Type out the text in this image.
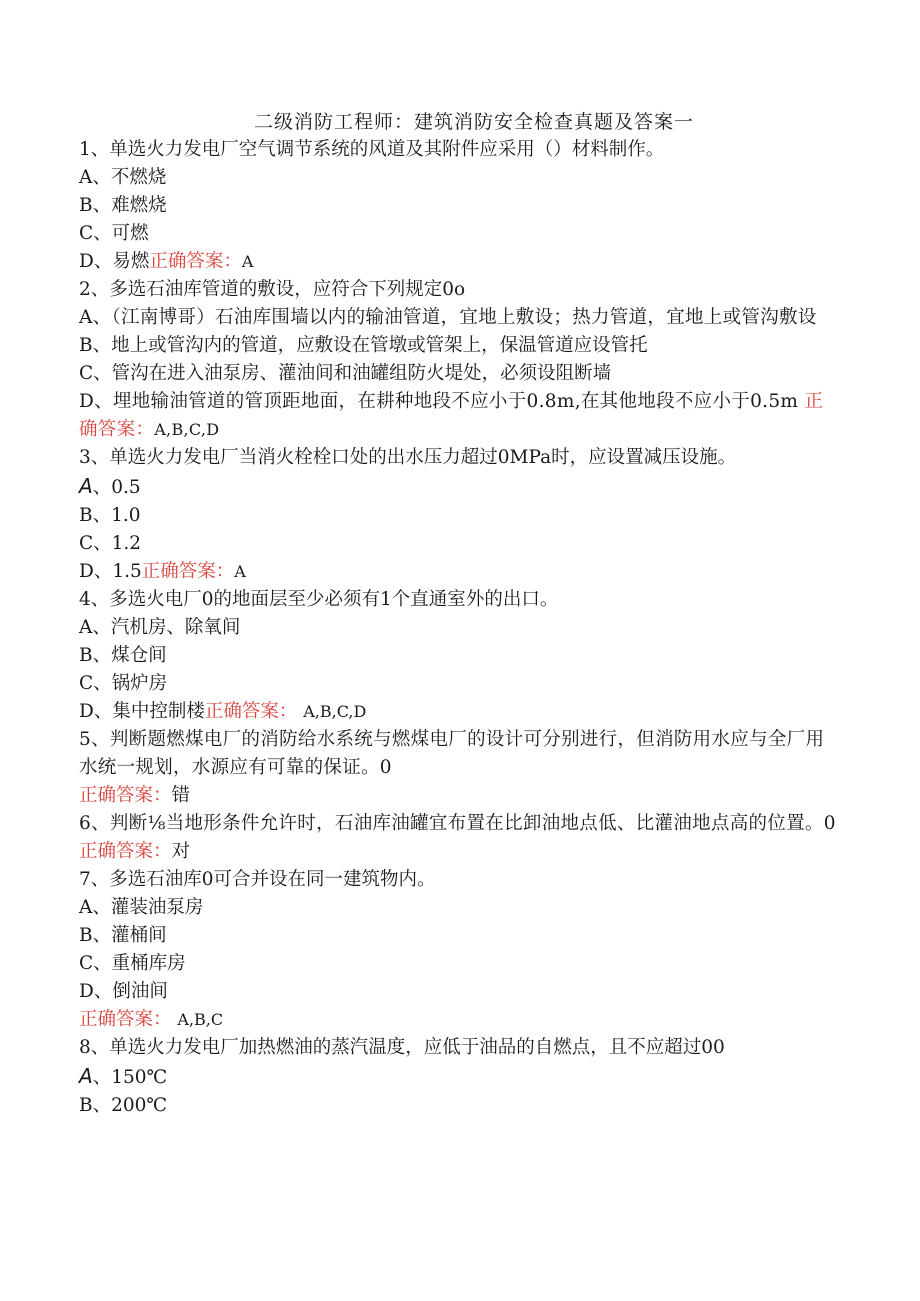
二级消防工程师：建筑消防安全检查真题及答案一
1、单选火力发电厂空气调节系统的风道及其附件应采用（）材料制作。
A、不燃烧
B、难燃烧
C、可燃
D、易燃正确答案：A
2、多选石油库管道的敷设，应符合下列规定0o
A、（江南博哥）石油库围墙以内的输油管道，宜地上敷设；热力管道，宜地上或管沟敷设
B、地上或管沟内的管道，应敷设在管墩或管架上，保温管道应设管托
C、管沟在进入油泵房、灌油间和油罐组防火堤处，必须设阻断墙
D、埋地输油管道的管顶距地面，在耕种地段不应小于0.8m,在其他地段不应小于0.5m 正确答案：A,B,C,D
3、单选火力发电厂当消火栓栓口处的出水压力超过0MPa时，应设置减压设施。
A、0.5
B、1.0
C、1.2
D、1.5正确答案：A
4、多选火电厂0的地面层至少必须有1个直通室外的出口。
A、汽机房、除氧间
B、煤仓间
C、锅炉房
D、集中控制楼正确答案： A,B,C,D
5、判断题燃煤电厂的消防给水系统与燃煤电厂的设计可分别进行，但消防用水应与全厂用水统一规划，水源应有可靠的保证。0
正确答案：错
6、判断⅛当地形条件允许时，石油库油罐宜布置在比卸油地点低、比灌油地点高的位置。0
正确答案：对
7、多选石油库0可合并设在同一建筑物内。
A、灌装油泵房
B、灌桶间
C、重桶库房
D、倒油间
正确答案： A,B,C
8、单选火力发电厂加热燃油的蒸汽温度，应低于油品的自燃点，且不应超过00
A、150℃
B、200℃
